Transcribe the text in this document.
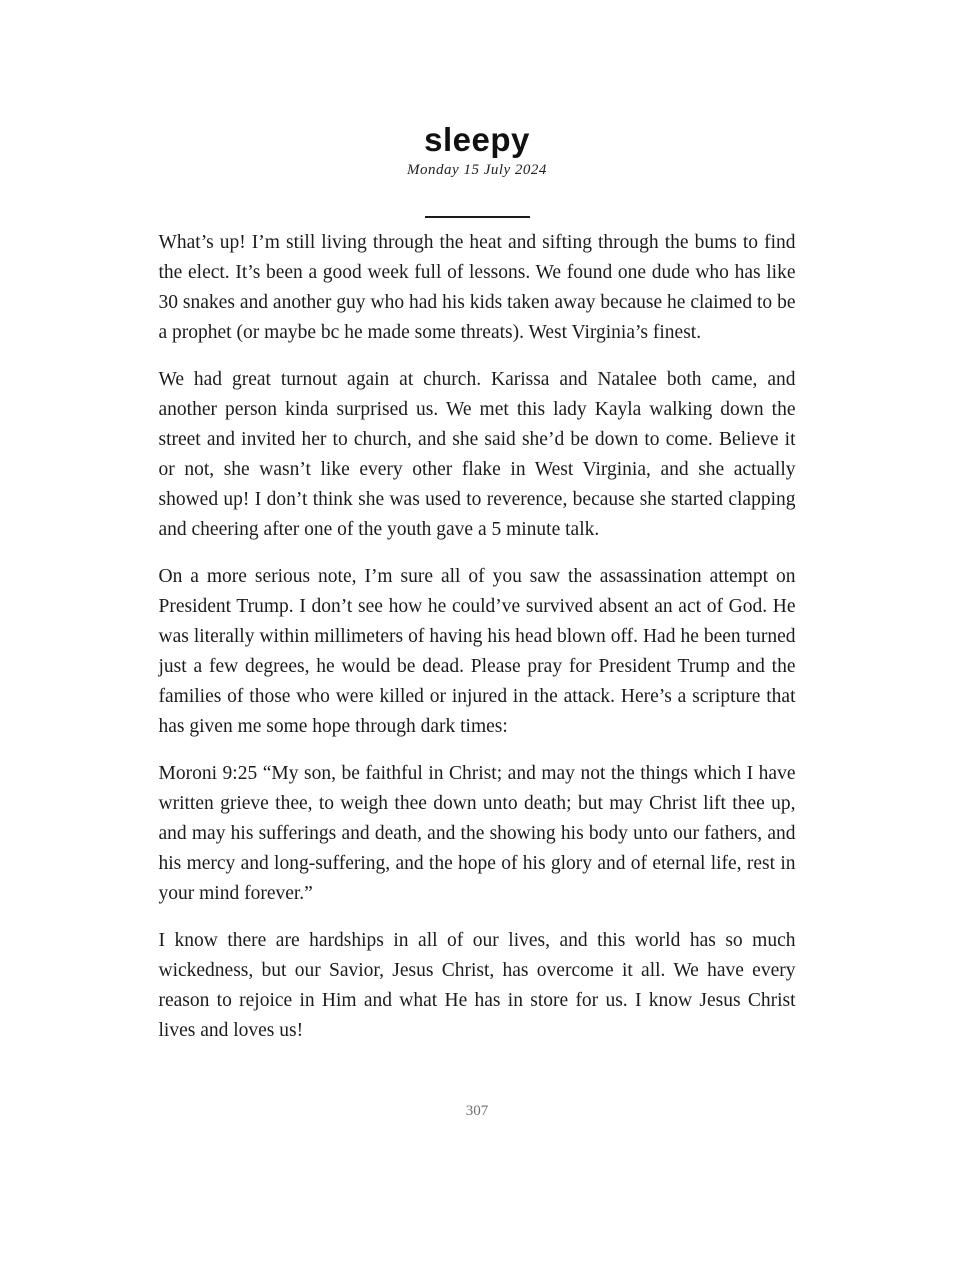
sleepy
Monday 15 July 2024

What’s up! I’m still living through the heat and sifting through the bums to find the elect. It’s been a good week full of lessons. We found one dude who has like 30 snakes and another guy who had his kids taken away because he claimed to be a prophet (or maybe bc he made some threats). West Virginia’s finest.

We had great turnout again at church. Karissa and Natalee both came, and another person kinda surprised us. We met this lady Kayla walking down the street and invited her to church, and she said she’d be down to come. Believe it or not, she wasn’t like every other flake in West Virginia, and she actually showed up! I don’t think she was used to reverence, because she started clapping and cheering after one of the youth gave a 5 minute talk.

On a more serious note, I’m sure all of you saw the assassination attempt on President Trump. I don’t see how he could’ve survived absent an act of God. He was literally within millimeters of having his head blown off. Had he been turned just a few degrees, he would be dead. Please pray for President Trump and the families of those who were killed or injured in the attack. Here’s a scripture that has given me some hope through dark times:

Moroni 9:25 “My son, be faithful in Christ; and may not the things which I have written grieve thee, to weigh thee down unto death; but may Christ lift thee up, and may his sufferings and death, and the showing his body unto our fathers, and his mercy and long-suffering, and the hope of his glory and of eternal life, rest in your mind forever.”

I know there are hardships in all of our lives, and this world has so much wickedness, but our Savior, Jesus Christ, has overcome it all. We have every reason to rejoice in Him and what He has in store for us. I know Jesus Christ lives and loves us!

307
